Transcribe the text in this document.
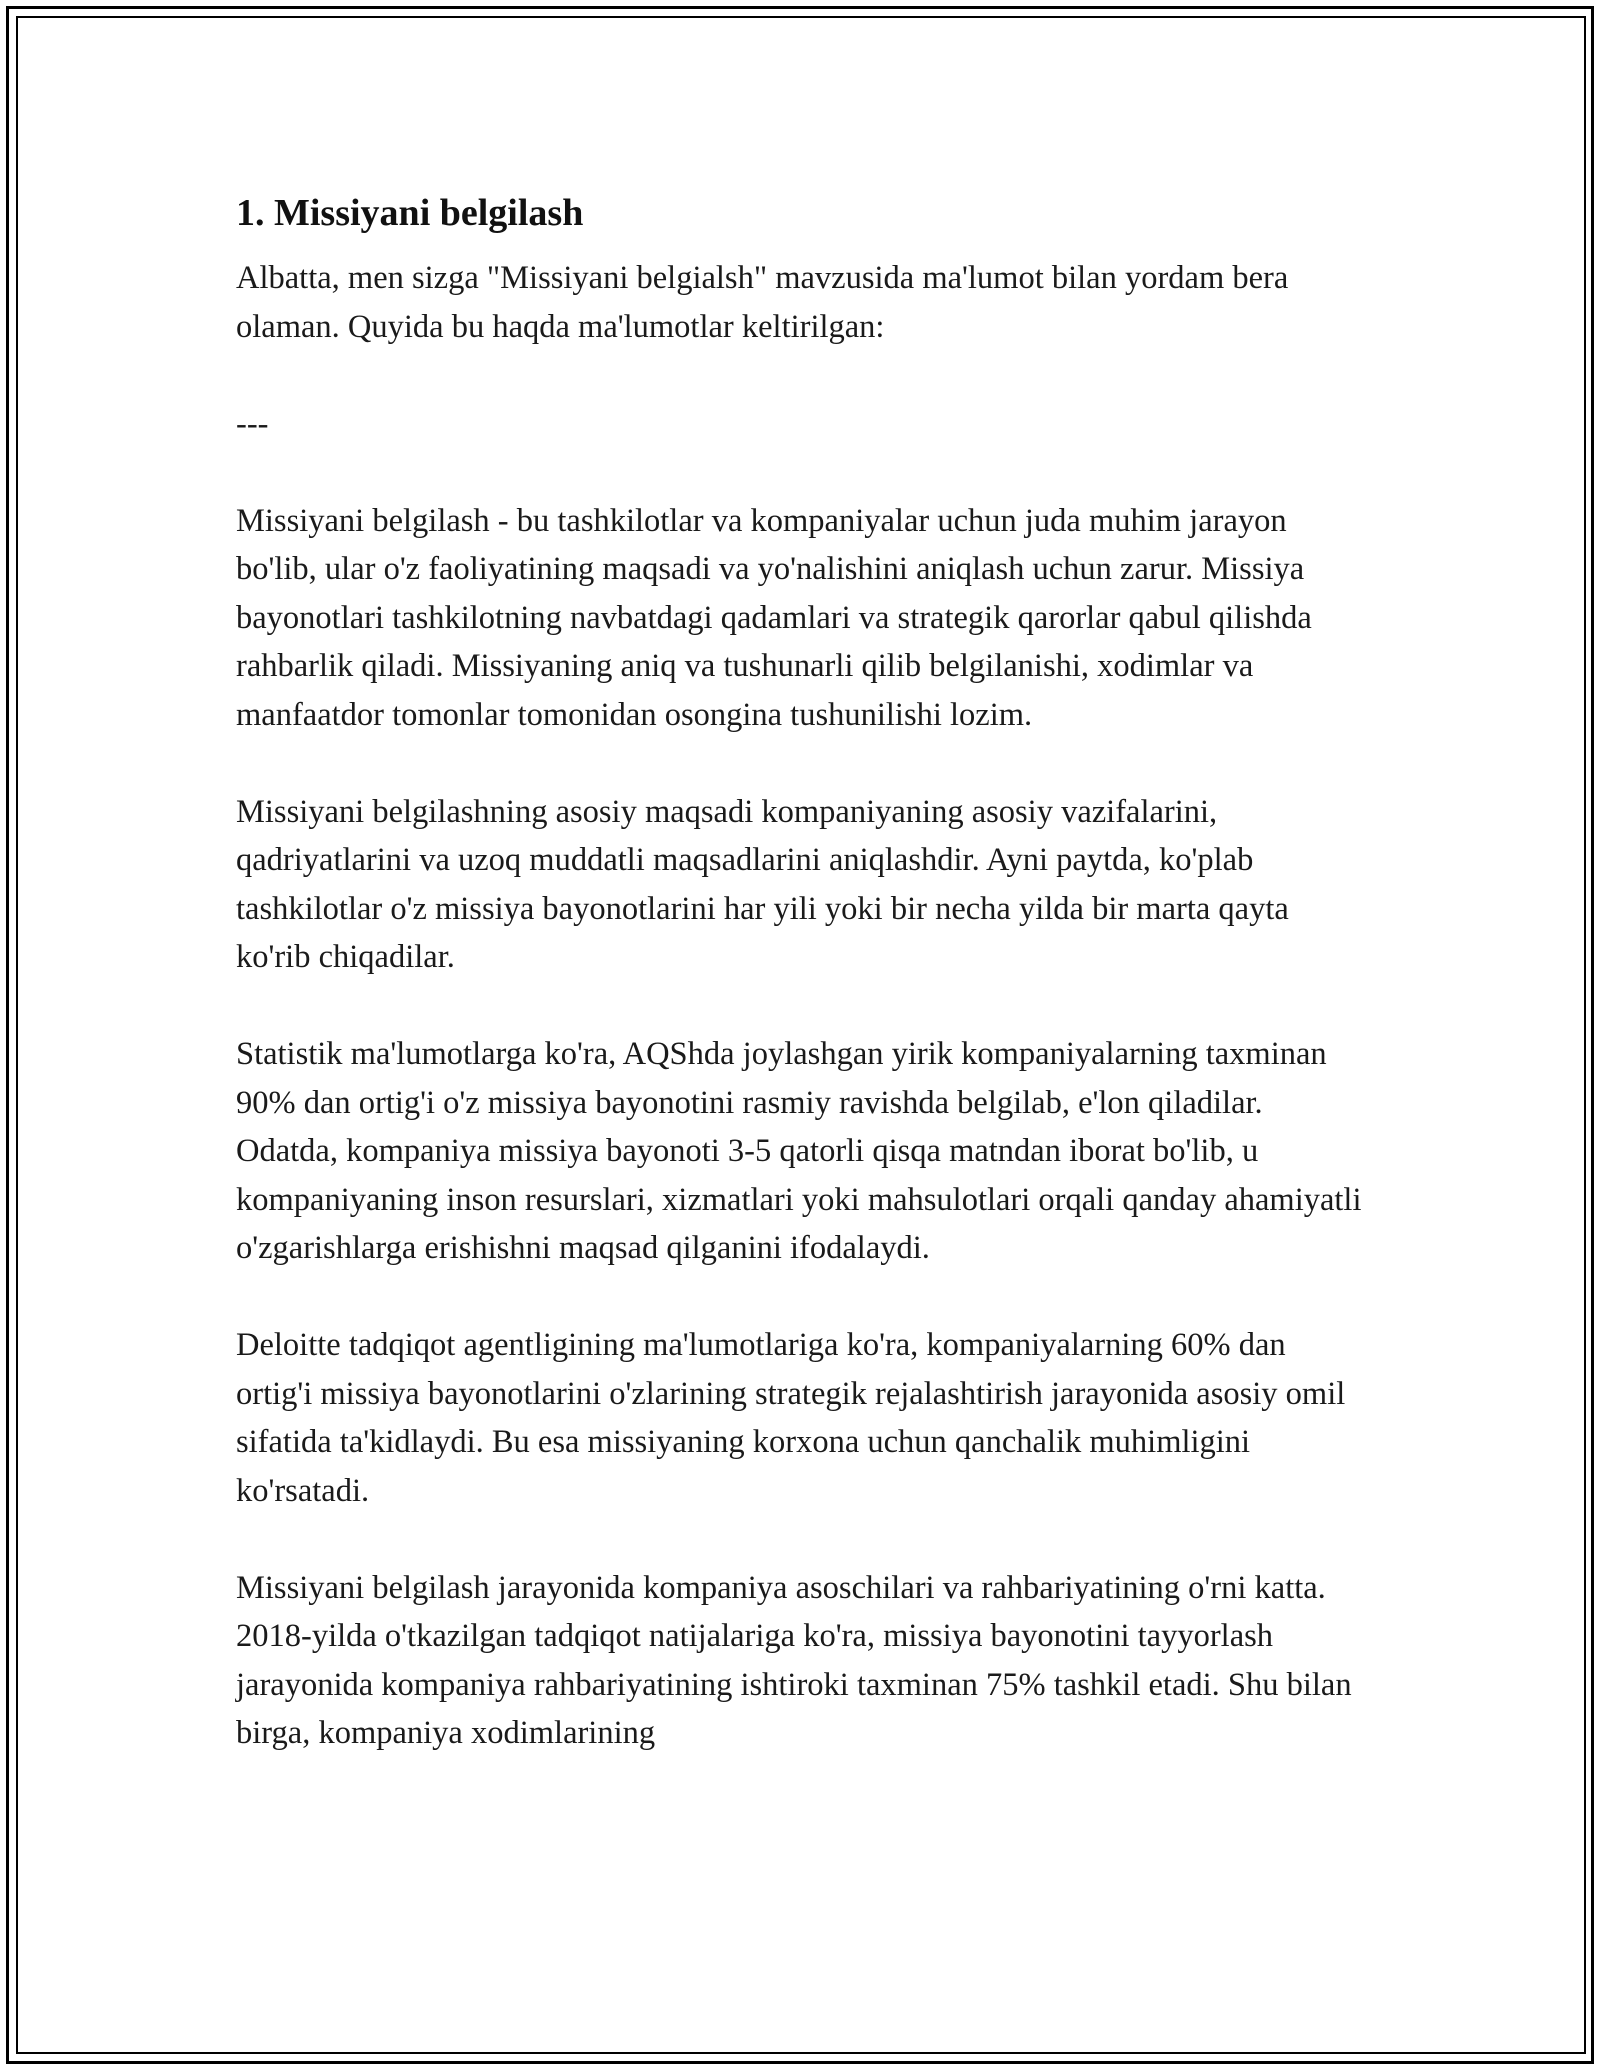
1. Missiyani belgilash

Albatta, men sizga "Missiyani belgialsh" mavzusida ma'lumot bilan yordam bera olaman. Quyida bu haqda ma'lumotlar keltirilgan:

---

Missiyani belgilash - bu tashkilotlar va kompaniyalar uchun juda muhim jarayon bo'lib, ular o'z faoliyatining maqsadi va yo'nalishini aniqlash uchun zarur. Missiya bayonotlari tashkilotning navbatdagi qadamlari va strategik qarorlar qabul qilishda rahbarlik qiladi. Missiyaning aniq va tushunarli qilib belgilanishi, xodimlar va manfaatdor tomonlar tomonidan osongina tushunilishi lozim.

Missiyani belgilashning asosiy maqsadi kompaniyaning asosiy vazifalarini, qadriyatlarini va uzoq muddatli maqsadlarini aniqlashdir. Ayni paytda, ko'plab tashkilotlar o'z missiya bayonotlarini har yili yoki bir necha yilda bir marta qayta ko'rib chiqadilar.

Statistik ma'lumotlarga ko'ra, AQShda joylashgan yirik kompaniyalarning taxminan 90% dan ortig'i o'z missiya bayonotini rasmiy ravishda belgilab, e'lon qiladilar. Odatda, kompaniya missiya bayonoti 3-5 qatorli qisqa matndan iborat bo'lib, u kompaniyaning inson resurslari, xizmatlari yoki mahsulotlari orqali qanday ahamiyatli o'zgarishlarga erishishni maqsad qilganini ifodalaydi.

Deloitte tadqiqot agentligining ma'lumotlariga ko'ra, kompaniyalarning 60% dan ortig'i missiya bayonotlarini o'zlarining strategik rejalashtirish jarayonida asosiy omil sifatida ta'kidlaydi. Bu esa missiyaning korxona uchun qanchalik muhimligini ko'rsatadi.

Missiyani belgilash jarayonida kompaniya asoschilari va rahbariyatining o'rni katta. 2018-yilda o'tkazilgan tadqiqot natijalariga ko'ra, missiya bayonotini tayyorlash jarayonida kompaniya rahbariyatining ishtiroki taxminan 75% tashkil etadi. Shu bilan birga, kompaniya xodimlarining
